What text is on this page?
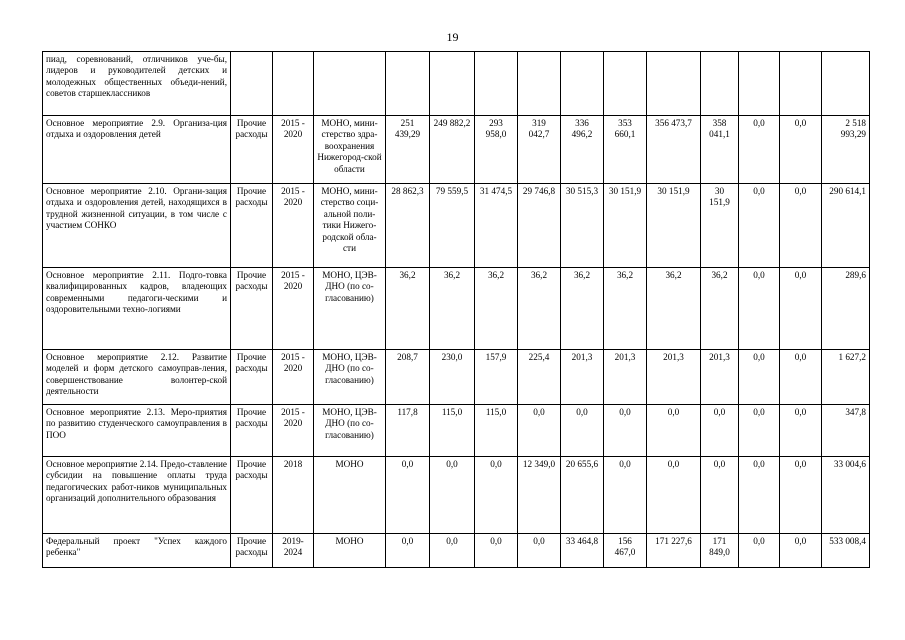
19
пиад, соревнований, отличников уче-бы, лидеров и руководителей детских и молодежных общественных объеди-нений, советов старшеклассников														
Основное мероприятие 2.9. Организа-ция отдыха и оздоровления детей	Прочие расходы	2015 - 2020	МОНО, мини-стерство здра-воохранения Нижегород-ской области	251 439,29	249 882,2	293 958,0	319 042,7	336 496,2	353 660,1	356 473,7	358 041,1	0,0	0,0	2 518 993,29
Основное мероприятие 2.10. Органи-зация отдыха и оздоровления детей, находящихся в трудной жизненной ситуации, в том числе с участием СОНКО	Прочие расходы	2015 - 2020	МОНО, мини-стерство соци-альной поли-тики Нижего-родской обла-сти	28 862,3	79 559,5	31 474,5	29 746,8	30 515,3	30 151,9	30 151,9	30 151,9	0,0	0,0	290 614,1
Основное мероприятие 2.11. Подго-товка квалифицированных кадров, владеющих современными педагоги-ческими и оздоровительными техно-логиями	Прочие расходы	2015 - 2020	МОНО, ЦЭВ-ДНО (по со-гласованию)	36,2	36,2	36,2	36,2	36,2	36,2	36,2	36,2	0,0	0,0	289,6
Основное мероприятие 2.12. Развитие моделей и форм детского самоуправ-ления, совершенствование волонтер-ской деятельности	Прочие расходы	2015 - 2020	МОНО, ЦЭВ-ДНО (по со-гласованию)	208,7	230,0	157,9	225,4	201,3	201,3	201,3	201,3	0,0	0,0	1 627,2
Основное мероприятие 2.13. Меро-приятия по развитию студенческого самоуправления в ПОО	Прочие расходы	2015 - 2020	МОНО, ЦЭВ-ДНО (по со-гласованию)	117,8	115,0	115,0	0,0	0,0	0,0	0,0	0,0	0,0	0,0	347,8
Основное мероприятие 2.14. Предо-ставление субсидии на повышение оплаты труда педагогических работ-ников муниципальных организаций дополнительного образования	Прочие расходы	2018	МОНО	0,0	0,0	0,0	12 349,0	20 655,6	0,0	0,0	0,0	0,0	0,0	33 004,6
Федеральный проект "Успех каждого ребенка"	Прочие расходы	2019-2024	МОНО	0,0	0,0	0,0	0,0	33 464,8	156 467,0	171 227,6	171 849,0	0,0	0,0	533 008,4
